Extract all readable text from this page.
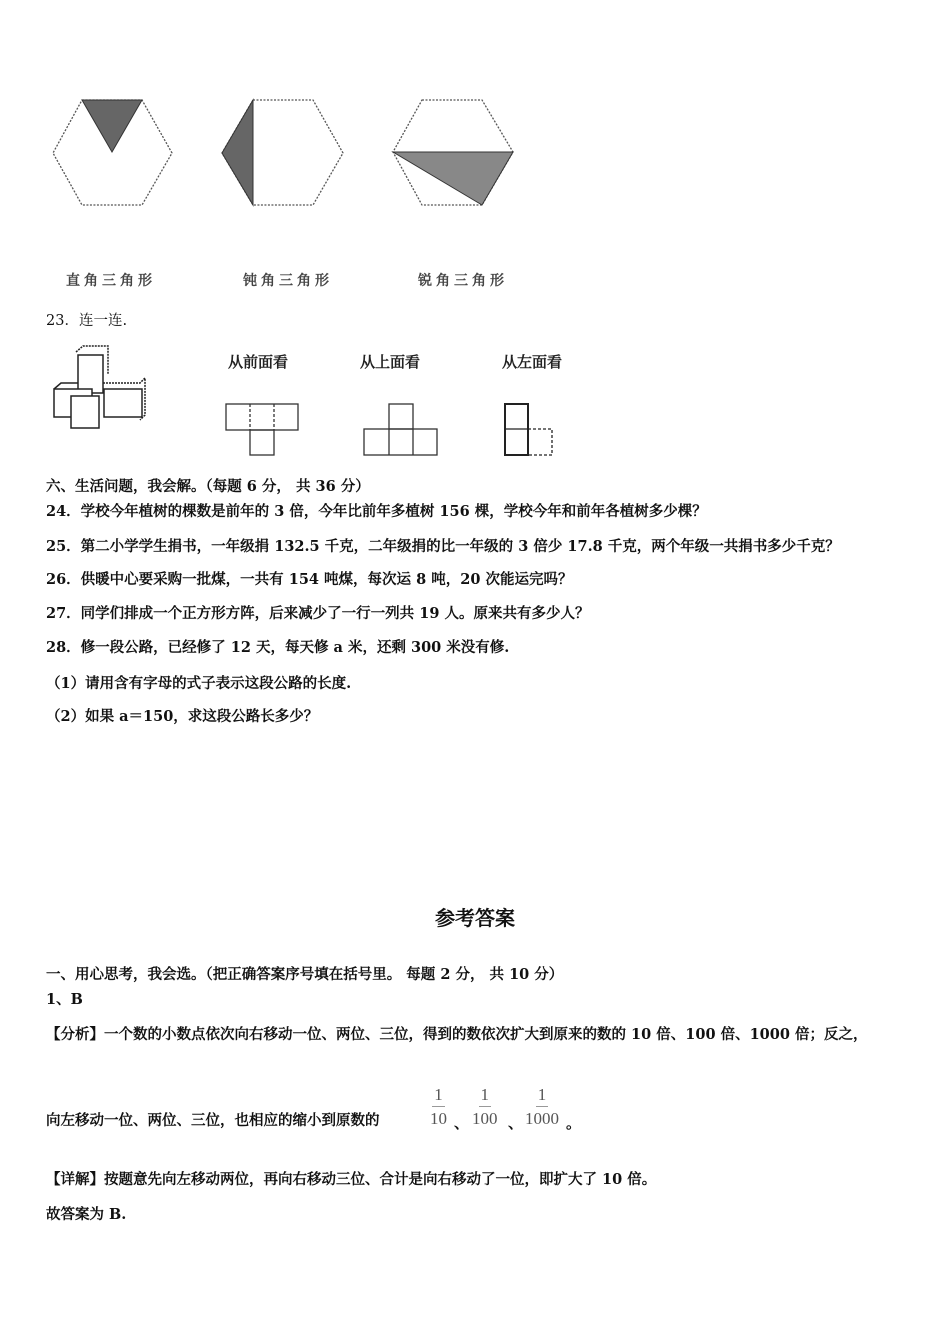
直角三角形	钝角三角形	锐角三角形
23．连一连.
从前面看	从上面看	从左面看
六、生活问题，我会解。（每题 6 分， 共 36 分）
24．学校今年植树的棵数是前年的 3 倍，今年比前年多植树 156 棵，学校今年和前年各植树多少棵？
25．第二小学学生捐书，一年级捐 132.5 千克，二年级捐的比一年级的 3 倍少 17.8 千克，两个年级一共捐书多少千克？
26．供暖中心要采购一批煤，一共有 154 吨煤，每次运 8 吨，20 次能运完吗？
27．同学们排成一个正方形方阵，后来减少了一行一列共 19 人。原来共有多少人？
28．修一段公路，已经修了 12 天，每天修 a 米，还剩 300 米没有修.
（1）请用含有字母的式子表示这段公路的长度.
（2）如果 a＝150，求这段公路长多少？
参考答案
一、用心思考，我会选。（把正确答案序号填在括号里。 每题 2 分， 共 10 分）
1、B
【分析】一个数的小数点依次向右移动一位、两位、三位，得到的数依次扩大到原来的数的 10 倍、100 倍、1000 倍；反之，
向左移动一位、两位、三位，也相应的缩小到原数的	$\frac{1}{10}$ 、 $\frac{1}{100}$ 、 $\frac{1}{1000}$ 。
【详解】按题意先向左移动两位，再向右移动三位、合计是向右移动了一位，即扩大了 10 倍。
故答案为 B.
